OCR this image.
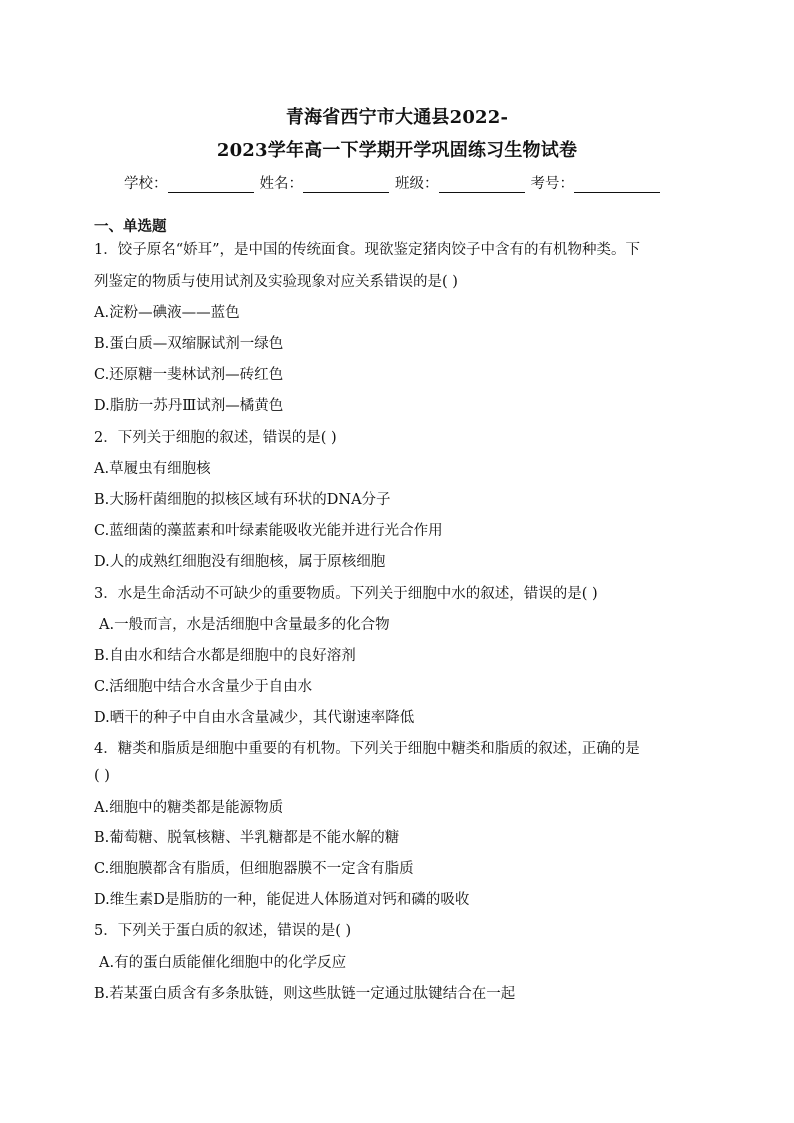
青海省西宁市大通县2022-
2023学年高一下学期开学巩固练习生物试卷
学校：	姓名：	班级：	考号：
一、单选题
1．饺子原名“娇耳”，是中国的传统面食。现欲鉴定猪肉饺子中含有的有机物种类。下
列鉴定的物质与使用试剂及实验现象对应关系错误的是( )
A.淀粉—碘液——蓝色
B.蛋白质—双缩脲试剂一绿色
C.还原糖一斐林试剂—砖红色
D.脂肪一苏丹Ⅲ试剂—橘黄色
2．下列关于细胞的叙述，错误的是( )
A.草履虫有细胞核
B.大肠杆菌细胞的拟核区域有环状的DNA分子
C.蓝细菌的藻蓝素和叶绿素能吸收光能并进行光合作用
D.人的成熟红细胞没有细胞核，属于原核细胞
3．水是生命活动不可缺少的重要物质。下列关于细胞中水的叙述，错误的是( )
A.一般而言，水是活细胞中含量最多的化合物
B.自由水和结合水都是细胞中的良好溶剂
C.活细胞中结合水含量少于自由水
D.晒干的种子中自由水含量减少，其代谢速率降低
4．糖类和脂质是细胞中重要的有机物。下列关于细胞中糖类和脂质的叙述，正确的是
( )
A.细胞中的糖类都是能源物质
B.葡萄糖、脱氧核糖、半乳糖都是不能水解的糖
C.细胞膜都含有脂质，但细胞器膜不一定含有脂质
D.维生素D是脂肪的一种，能促进人体肠道对钙和磷的吸收
5．下列关于蛋白质的叙述，错误的是( )
A.有的蛋白质能催化细胞中的化学反应
B.若某蛋白质含有多条肽链，则这些肽链一定通过肽键结合在一起
